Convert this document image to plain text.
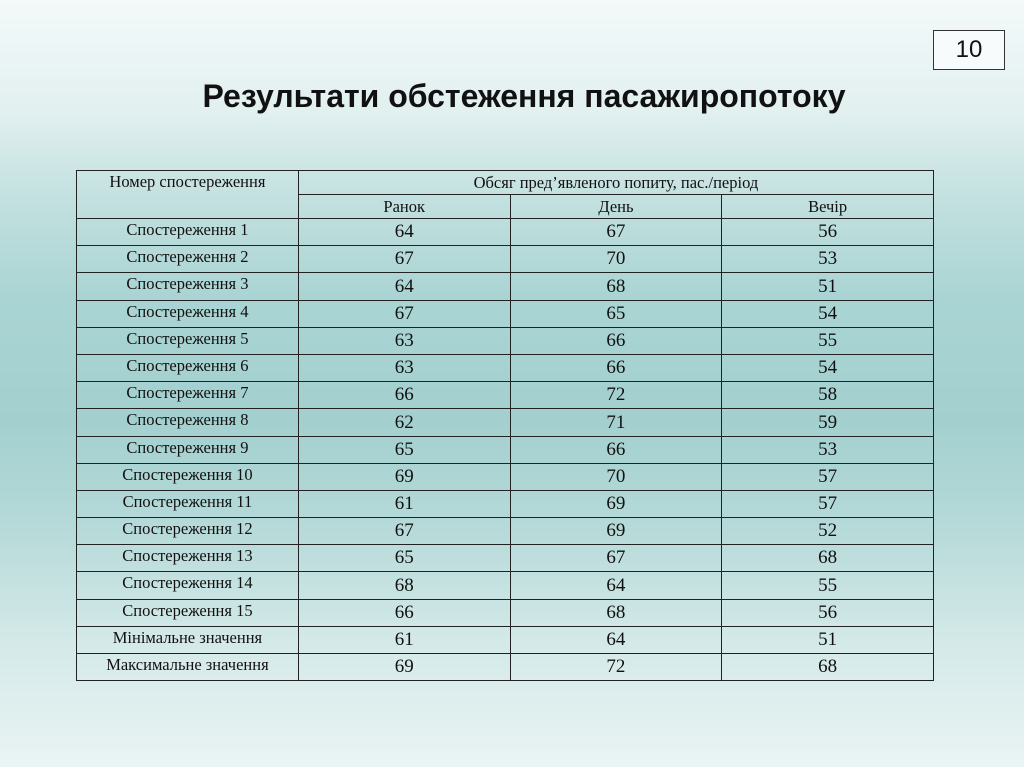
10
Результати обстеження пасажиропотоку
Номер спостереження	Обсяг пред’явленого попиту, пас./період		
	Ранок	День	Вечір
Спостереження 1	64	67	56
Спостереження 2	67	70	53
Спостереження 3	64	68	51
Спостереження 4	67	65	54
Спостереження 5	63	66	55
Спостереження 6	63	66	54
Спостереження 7	66	72	58
Спостереження 8	62	71	59
Спостереження 9	65	66	53
Спостереження 10	69	70	57
Спостереження 11	61	69	57
Спостереження 12	67	69	52
Спостереження 13	65	67	68
Спостереження 14	68	64	55
Спостереження 15	66	68	56
Мінімальне значення	61	64	51
Максимальне значення	69	72	68
